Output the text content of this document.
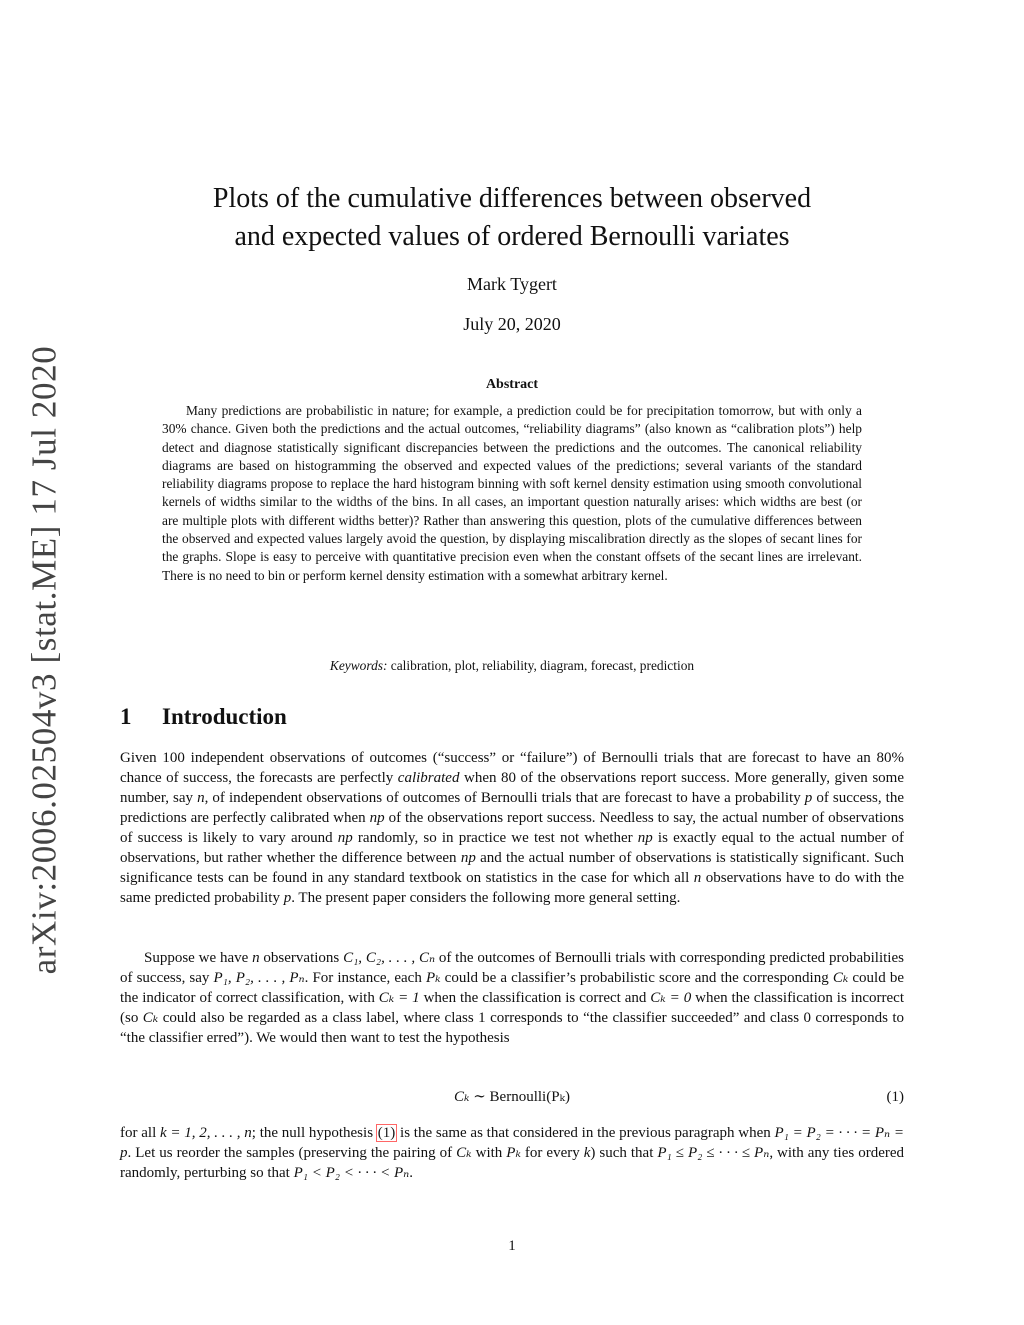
arXiv:2006.02504v3 [stat.ME] 17 Jul 2020
Plots of the cumulative differences between observed
and expected values of ordered Bernoulli variates
Mark Tygert
July 20, 2020
Abstract

Many predictions are probabilistic in nature; for example, a prediction could be for precipitation tomorrow, but with only a 30% chance. Given both the predictions and the actual outcomes, “reliability diagrams” (also known as “calibration plots”) help detect and diagnose statistically significant discrepancies between the predictions and the outcomes. The canonical reliability diagrams are based on histogramming the observed and expected values of the predictions; several variants of the standard reliability diagrams propose to replace the hard histogram binning with soft kernel density estimation using smooth convolutional kernels of widths similar to the widths of the bins. In all cases, an important question naturally arises: which widths are best (or are multiple plots with different widths better)? Rather than answering this question, plots of the cumulative differences between the observed and expected values largely avoid the question, by displaying miscalibration directly as the slopes of secant lines for the graphs. Slope is easy to perceive with quantitative precision even when the constant offsets of the secant lines are irrelevant. There is no need to bin or perform kernel density estimation with a somewhat arbitrary kernel.

Keywords: calibration, plot, reliability, diagram, forecast, prediction
1 Introduction

Given 100 independent observations of outcomes (“success” or “failure”) of Bernoulli trials that are forecast to have an 80% chance of success, the forecasts are perfectly calibrated when 80 of the observations report success. More generally, given some number, say n, of independent observations of outcomes of Bernoulli trials that are forecast to have a probability p of success, the predictions are perfectly calibrated when np of the observations report success. Needless to say, the actual number of observations of success is likely to vary around np randomly, so in practice we test not whether np is exactly equal to the actual number of observations, but rather whether the difference between np and the actual number of observations is statistically significant. Such significance tests can be found in any standard textbook on statistics in the case for which all n observations have to do with the same predicted probability p. The present paper considers the following more general setting.

Suppose we have n observations C₁, C₂, . . . , Cₙ of the outcomes of Bernoulli trials with corresponding predicted probabilities of success, say P₁, P₂, . . . , Pₙ. For instance, each Pₖ could be a classifier’s probabilistic score and the corresponding Cₖ could be the indicator of correct classification, with Cₖ = 1 when the classification is correct and Cₖ = 0 when the classification is incorrect (so Cₖ could also be regarded as a class label, where class 1 corresponds to “the classifier succeeded” and class 0 corresponds to “the classifier erred”). We would then want to test the hypothesis

Cₖ ∼ Bernoulli(Pₖ)	(1)

for all k = 1, 2, . . . , n; the null hypothesis (1) is the same as that considered in the previous paragraph when P₁ = P₂ = · · · = Pₙ = p. Let us reorder the samples (preserving the pairing of Cₖ with Pₖ for every k) such that P₁ ≤ P₂ ≤ · · · ≤ Pₙ, with any ties ordered randomly, perturbing so that P₁ < P₂ < · · · < Pₙ.

1
